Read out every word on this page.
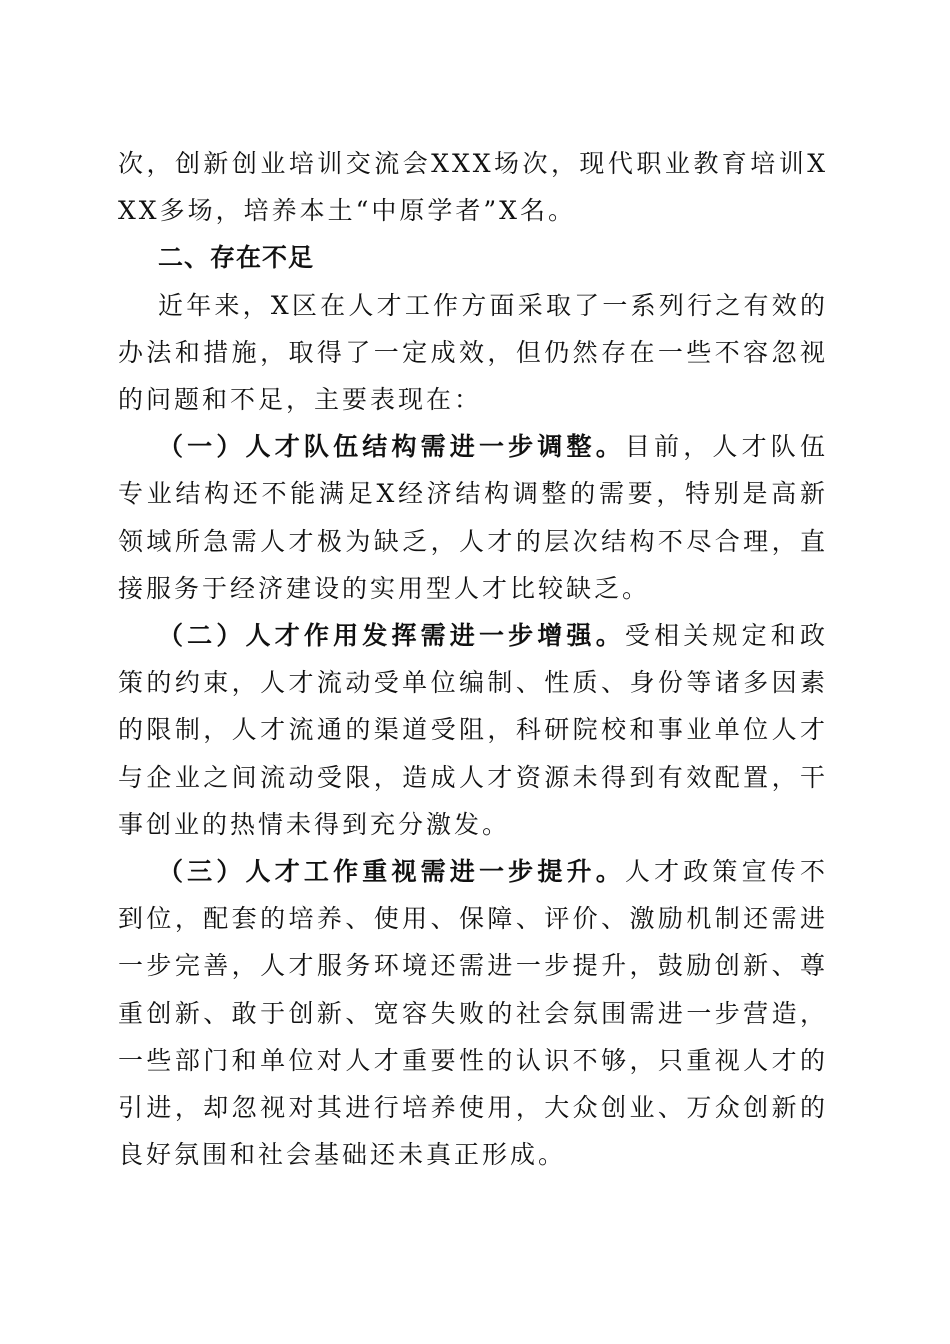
次，创新创业培训交流会XXX场次，现代职业教育培训XXX多场，培养本土“中原学者”X名。

二、存在不足

近年来，X区在人才工作方面采取了一系列行之有效的办法和措施，取得了一定成效，但仍然存在一些不容忽视的问题和不足，主要表现在：

（一）人才队伍结构需进一步调整。目前，人才队伍专业结构还不能满足X经济结构调整的需要，特别是高新领域所急需人才极为缺乏，人才的层次结构不尽合理，直接服务于经济建设的实用型人才比较缺乏。

（二）人才作用发挥需进一步增强。受相关规定和政策的约束，人才流动受单位编制、性质、身份等诸多因素的限制，人才流通的渠道受阻，科研院校和事业单位人才与企业之间流动受限，造成人才资源未得到有效配置，干事创业的热情未得到充分激发。

（三）人才工作重视需进一步提升。人才政策宣传不到位，配套的培养、使用、保障、评价、激励机制还需进一步完善，人才服务环境还需进一步提升，鼓励创新、尊重创新、敢于创新、宽容失败的社会氛围需进一步营造，一些部门和单位对人才重要性的认识不够，只重视人才的引进，却忽视对其进行培养使用，大众创业、万众创新的良好氛围和社会基础还未真正形成。
